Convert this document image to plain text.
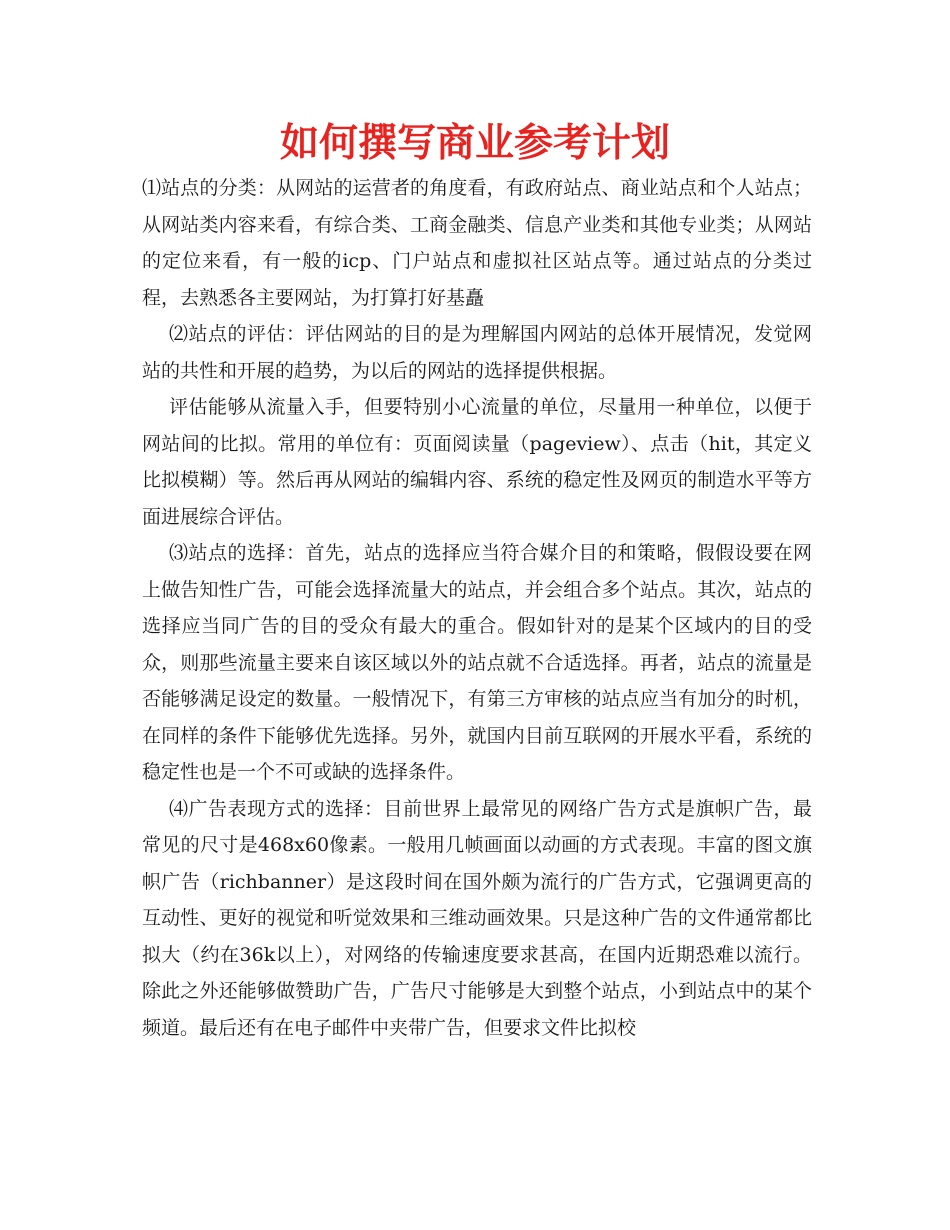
如何撰写商业参考计划

⑴站点的分类：从网站的运营者的角度看，有政府站点、商业站点和个人站点；从网站类内容来看，有综合类、工商金融类、信息产业类和其他专业类；从网站的定位来看，有一般的icp、门户站点和虚拟社区站点等。通过站点的分类过程，去熟悉各主要网站，为打算打好基矗

⑵站点的评估：评估网站的目的是为理解国内网站的总体开展情况，发觉网站的共性和开展的趋势，为以后的网站的选择提供根据。

评估能够从流量入手，但要特别小心流量的单位，尽量用一种单位，以便于网站间的比拟。常用的单位有：页面阅读量（pageview）、点击（hit，其定义比拟模糊）等。然后再从网站的编辑内容、系统的稳定性及网页的制造水平等方面进展综合评估。

⑶站点的选择：首先，站点的选择应当符合媒介目的和策略，假假设要在网上做告知性广告，可能会选择流量大的站点，并会组合多个站点。其次，站点的选择应当同广告的目的受众有最大的重合。假如针对的是某个区域内的目的受众，则那些流量主要来自该区域以外的站点就不合适选择。再者，站点的流量是否能够满足设定的数量。一般情况下，有第三方审核的站点应当有加分的时机，在同样的条件下能够优先选择。另外，就国内目前互联网的开展水平看，系统的稳定性也是一个不可或缺的选择条件。

⑷广告表现方式的选择：目前世界上最常见的网络广告方式是旗帜广告，最常见的尺寸是468x60像素。一般用几帧画面以动画的方式表现。丰富的图文旗帜广告（richbanner）是这段时间在国外颇为流行的广告方式，它强调更高的互动性、更好的视觉和听觉效果和三维动画效果。只是这种广告的文件通常都比拟大（约在36k以上），对网络的传输速度要求甚高，在国内近期恐难以流行。除此之外还能够做赞助广告，广告尺寸能够是大到整个站点，小到站点中的某个频道。最后还有在电子邮件中夹带广告，但要求文件比拟校
